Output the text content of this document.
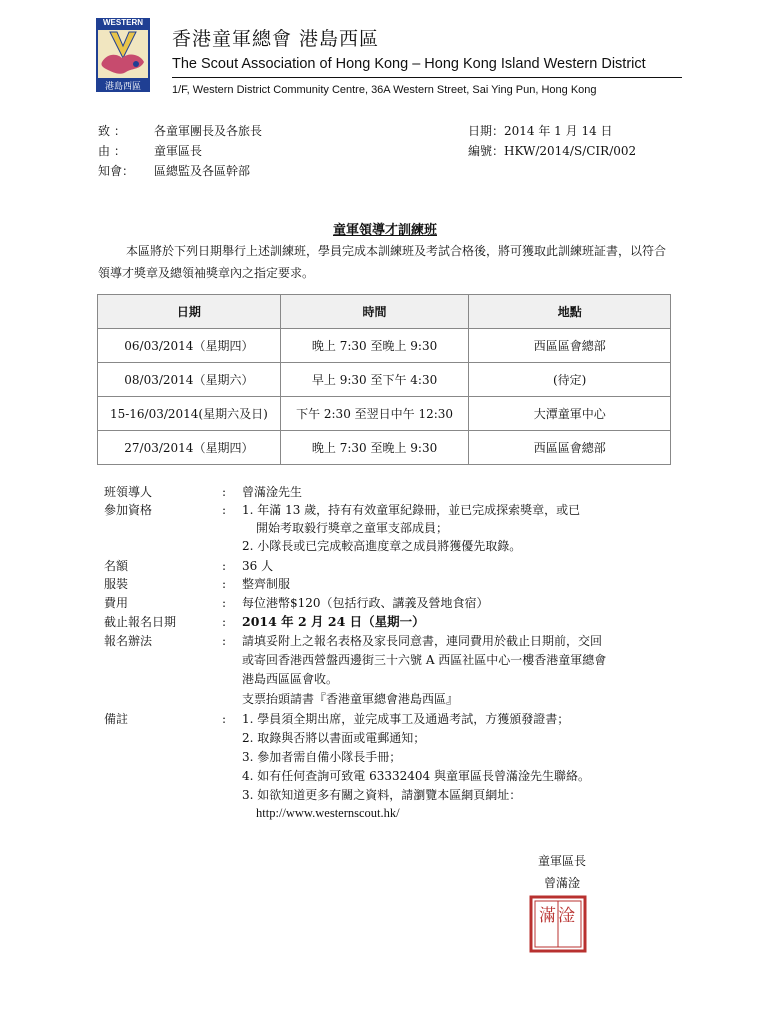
WESTERN
港島西區
香港童軍總會 港島西區
The Scout Association of Hong Kong – Hong Kong Island Western District
1/F, Western District Community Centre, 36A Western Street, Sai Ying Pun, Hong Kong
致 ： 各童軍團長及各旅長
由 ： 童軍區長
知會： 區總監及各區幹部
日期：2014 年 1 月 14 日
編號：HKW/2014/S/CIR/002
童軍領導才訓練班
本區將於下列日期舉行上述訓練班，學員完成本訓練班及考試合格後，將可獲取此訓練班証書，以符合領導才獎章及總領袖獎章內之指定要求。
日期	時間	地點
06/03/2014（星期四）	晚上 7:30 至晚上 9:30	西區區會總部
08/03/2014（星期六）	早上 9:30 至下午 4:30	(待定)
15-16/03/2014(星期六及日)	下午 2:30 至翌日中午 12:30	大潭童軍中心
27/03/2014（星期四）	晚上 7:30 至晚上 9:30	西區區會總部
班領導人	: 曾滿淦先生
參加資格	: 1. 年滿 13 歲，持有有效童軍紀錄冊，並已完成探索獎章，或已
開始考取毅行獎章之童軍支部成員；
2. 小隊長或已完成較高進度章之成員將獲優先取錄。
名額	: 36 人
服裝	: 整齊制服
費用	: 每位港幣$120（包括行政、講義及營地食宿）
截止報名日期	: 2014 年 2 月 24 日（星期一）
報名辦法	: 請填妥附上之報名表格及家長同意書，連同費用於截止日期前，交回
或寄回香港西營盤西邊街三十六號 A 西區社區中心一樓香港童軍總會
港島西區區會收。
支票抬頭請書『香港童軍總會港島西區』
備註	: 1. 學員須全期出席，並完成事工及通過考試，方獲頒發證書；
2. 取錄與否將以書面或電郵通知；
3. 參加者需自備小隊長手冊；
4. 如有任何查詢可致電 63332404 與童軍區長曾滿淦先生聯絡。
3. 如欲知道更多有關之資料，請瀏覽本區網頁網址：
http://www.westernscout.hk/
童軍區長
曾滿淦
滿淦
